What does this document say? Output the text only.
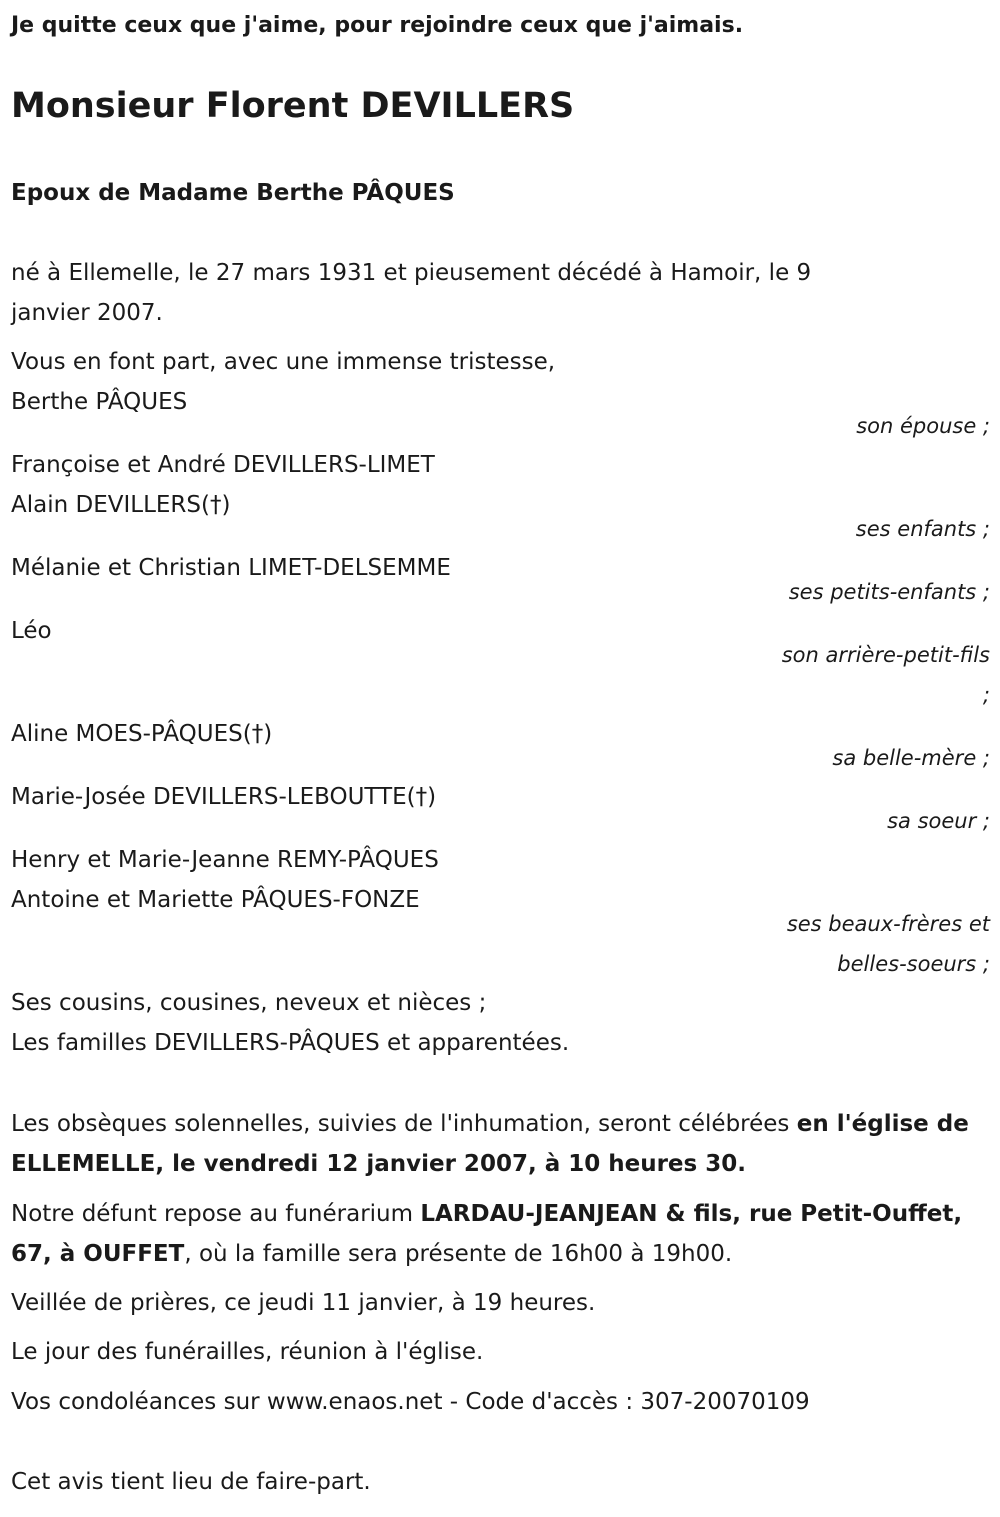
Je quitte ceux que j'aime, pour rejoindre ceux que j'aimais.
Monsieur Florent DEVILLERS
Epoux de Madame Berthe PÂQUES
né à Ellemelle, le 27 mars 1931 et pieusement décédé à Hamoir, le 9
janvier 2007.
Vous en font part, avec une immense tristesse,
Berthe PÂQUES
son épouse ;
Françoise et André DEVILLERS-LIMET
Alain DEVILLERS(†)
ses enfants ;
Mélanie et Christian LIMET-DELSEMME
ses petits-enfants ;
Léo
son arrière-petit-fils
;
Aline MOES-PÂQUES(†)
sa belle-mère ;
Marie-Josée DEVILLERS-LEBOUTTE(†)
sa soeur ;
Henry et Marie-Jeanne REMY-PÂQUES
Antoine et Mariette PÂQUES-FONZE
ses beaux-frères et
belles-soeurs ;
Ses cousins, cousines, neveux et nièces ;
Les familles DEVILLERS-PÂQUES et apparentées.
Les obsèques solennelles, suivies de l'inhumation, seront célébrées en l'église de ELLEMELLE, le vendredi 12 janvier 2007, à 10 heures 30.
Notre défunt repose au funérarium LARDAU-JEANJEAN & fils, rue Petit-Ouffet, 67, à OUFFET, où la famille sera présente de 16h00 à 19h00.
Veillée de prières, ce jeudi 11 janvier, à 19 heures.
Le jour des funérailles, réunion à l'église.
Vos condoléances sur www.enaos.net - Code d'accès : 307-20070109
Cet avis tient lieu de faire-part.
